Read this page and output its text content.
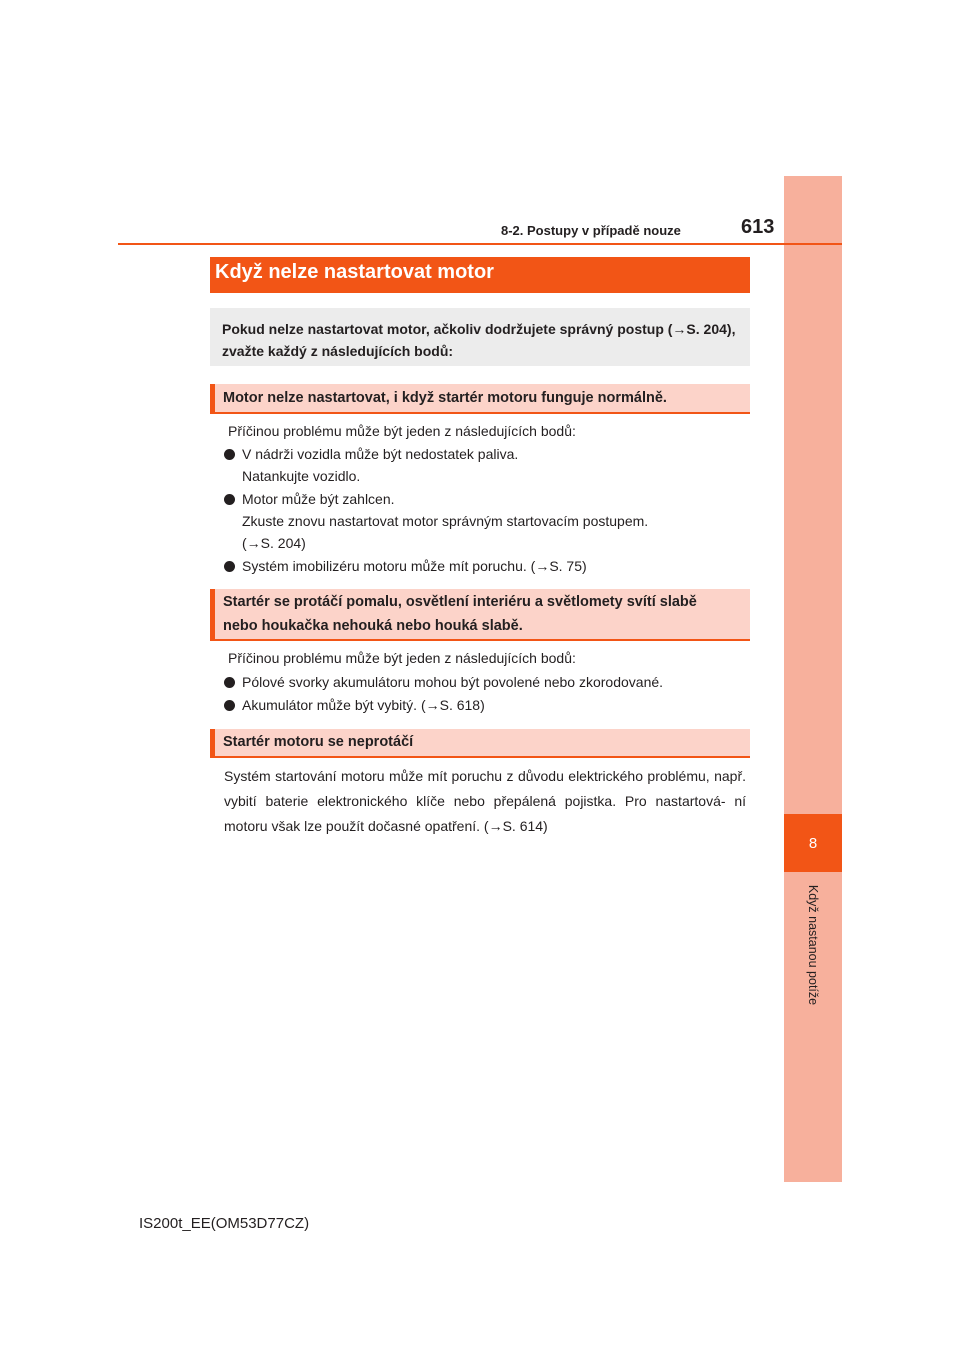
8
Když nastanou potíže
8-2. Postupy v případě nouze	613
Když nelze nastartovat motor
Pokud nelze nastartovat motor, ačkoliv dodržujete správný postup (→S. 204), zvažte každý z následujících bodů:
Motor nelze nastartovat, i když startér motoru funguje normálně.
Příčinou problému může být jeden z následujících bodů:
V nádrži vozidla může být nedostatek paliva.
Natankujte vozidlo.
Motor může být zahlcen.
Zkuste znovu nastartovat motor správným startovacím postupem.
(→S. 204)
Systém imobilizéru motoru může mít poruchu. (→S. 75)
Startér se protáčí pomalu, osvětlení interiéru a světlomety svítí slabě
nebo houkačka nehouká nebo houká slabě.
Příčinou problému může být jeden z následujících bodů:
Pólové svorky akumulátoru mohou být povolené nebo zkorodované.
Akumulátor může být vybitý. (→S. 618)
Startér motoru se neprotáčí
Systém startování motoru může mít poruchu z důvodu elektrického problému, např. vybití baterie elektronického klíče nebo přepálená pojistka. Pro nastartová- ní motoru však lze použít dočasné opatření. (→S. 614)
IS200t_EE(OM53D77CZ)
